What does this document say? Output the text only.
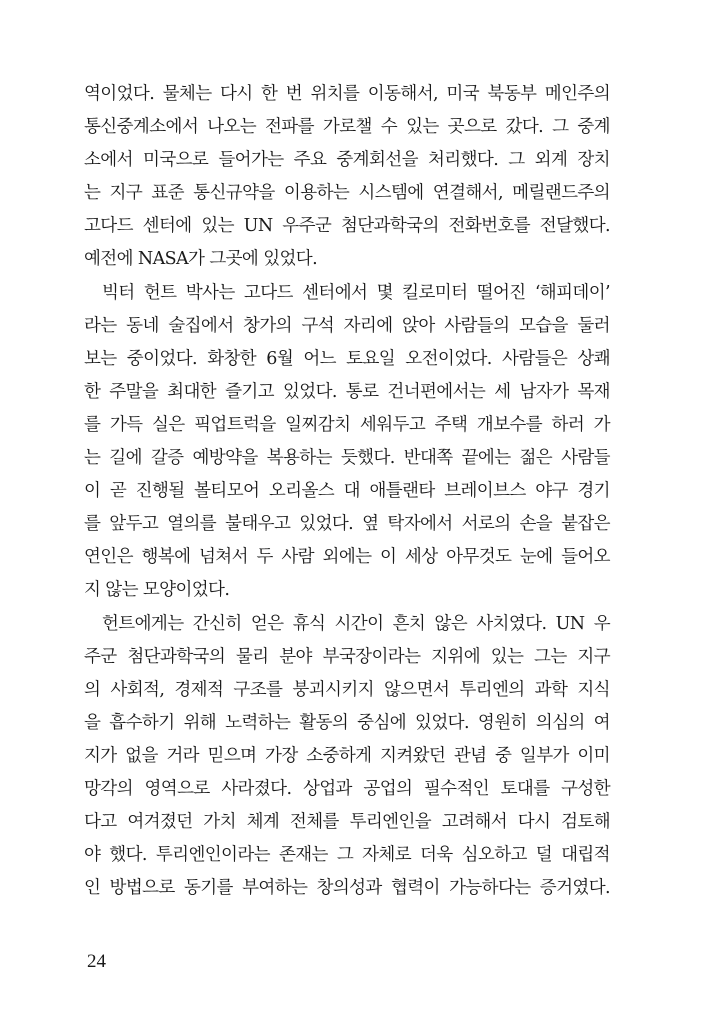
역이었다. 물체는 다시 한 번 위치를 이동해서, 미국 북동부 메인주의
통신중계소에서 나오는 전파를 가로챌 수 있는 곳으로 갔다. 그 중계
소에서 미국으로 들어가는 주요 중계회선을 처리했다. 그 외계 장치
는 지구 표준 통신규약을 이용하는 시스템에 연결해서, 메릴랜드주의
고다드 센터에 있는 UN 우주군 첨단과학국의 전화번호를 전달했다.
예전에 NASA가 그곳에 있었다.
빅터 헌트 박사는 고다드 센터에서 몇 킬로미터 떨어진 ‘해피데이’
라는 동네 술집에서 창가의 구석 자리에 앉아 사람들의 모습을 둘러
보는 중이었다. 화창한 6월 어느 토요일 오전이었다. 사람들은 상쾌
한 주말을 최대한 즐기고 있었다. 통로 건너편에서는 세 남자가 목재
를 가득 실은 픽업트럭을 일찌감치 세워두고 주택 개보수를 하러 가
는 길에 갈증 예방약을 복용하는 듯했다. 반대쪽 끝에는 젊은 사람들
이 곧 진행될 볼티모어 오리올스 대 애틀랜타 브레이브스 야구 경기
를 앞두고 열의를 불태우고 있었다. 옆 탁자에서 서로의 손을 붙잡은
연인은 행복에 넘쳐서 두 사람 외에는 이 세상 아무것도 눈에 들어오
지 않는 모양이었다.
헌트에게는 간신히 얻은 휴식 시간이 흔치 않은 사치였다. UN 우
주군 첨단과학국의 물리 분야 부국장이라는 지위에 있는 그는 지구
의 사회적, 경제적 구조를 붕괴시키지 않으면서 투리엔의 과학 지식
을 흡수하기 위해 노력하는 활동의 중심에 있었다. 영원히 의심의 여
지가 없을 거라 믿으며 가장 소중하게 지켜왔던 관념 중 일부가 이미
망각의 영역으로 사라졌다. 상업과 공업의 필수적인 토대를 구성한
다고 여겨졌던 가치 체계 전체를 투리엔인을 고려해서 다시 검토해
야 했다. 투리엔인이라는 존재는 그 자체로 더욱 심오하고 덜 대립적
인 방법으로 동기를 부여하는 창의성과 협력이 가능하다는 증거였다.
24
